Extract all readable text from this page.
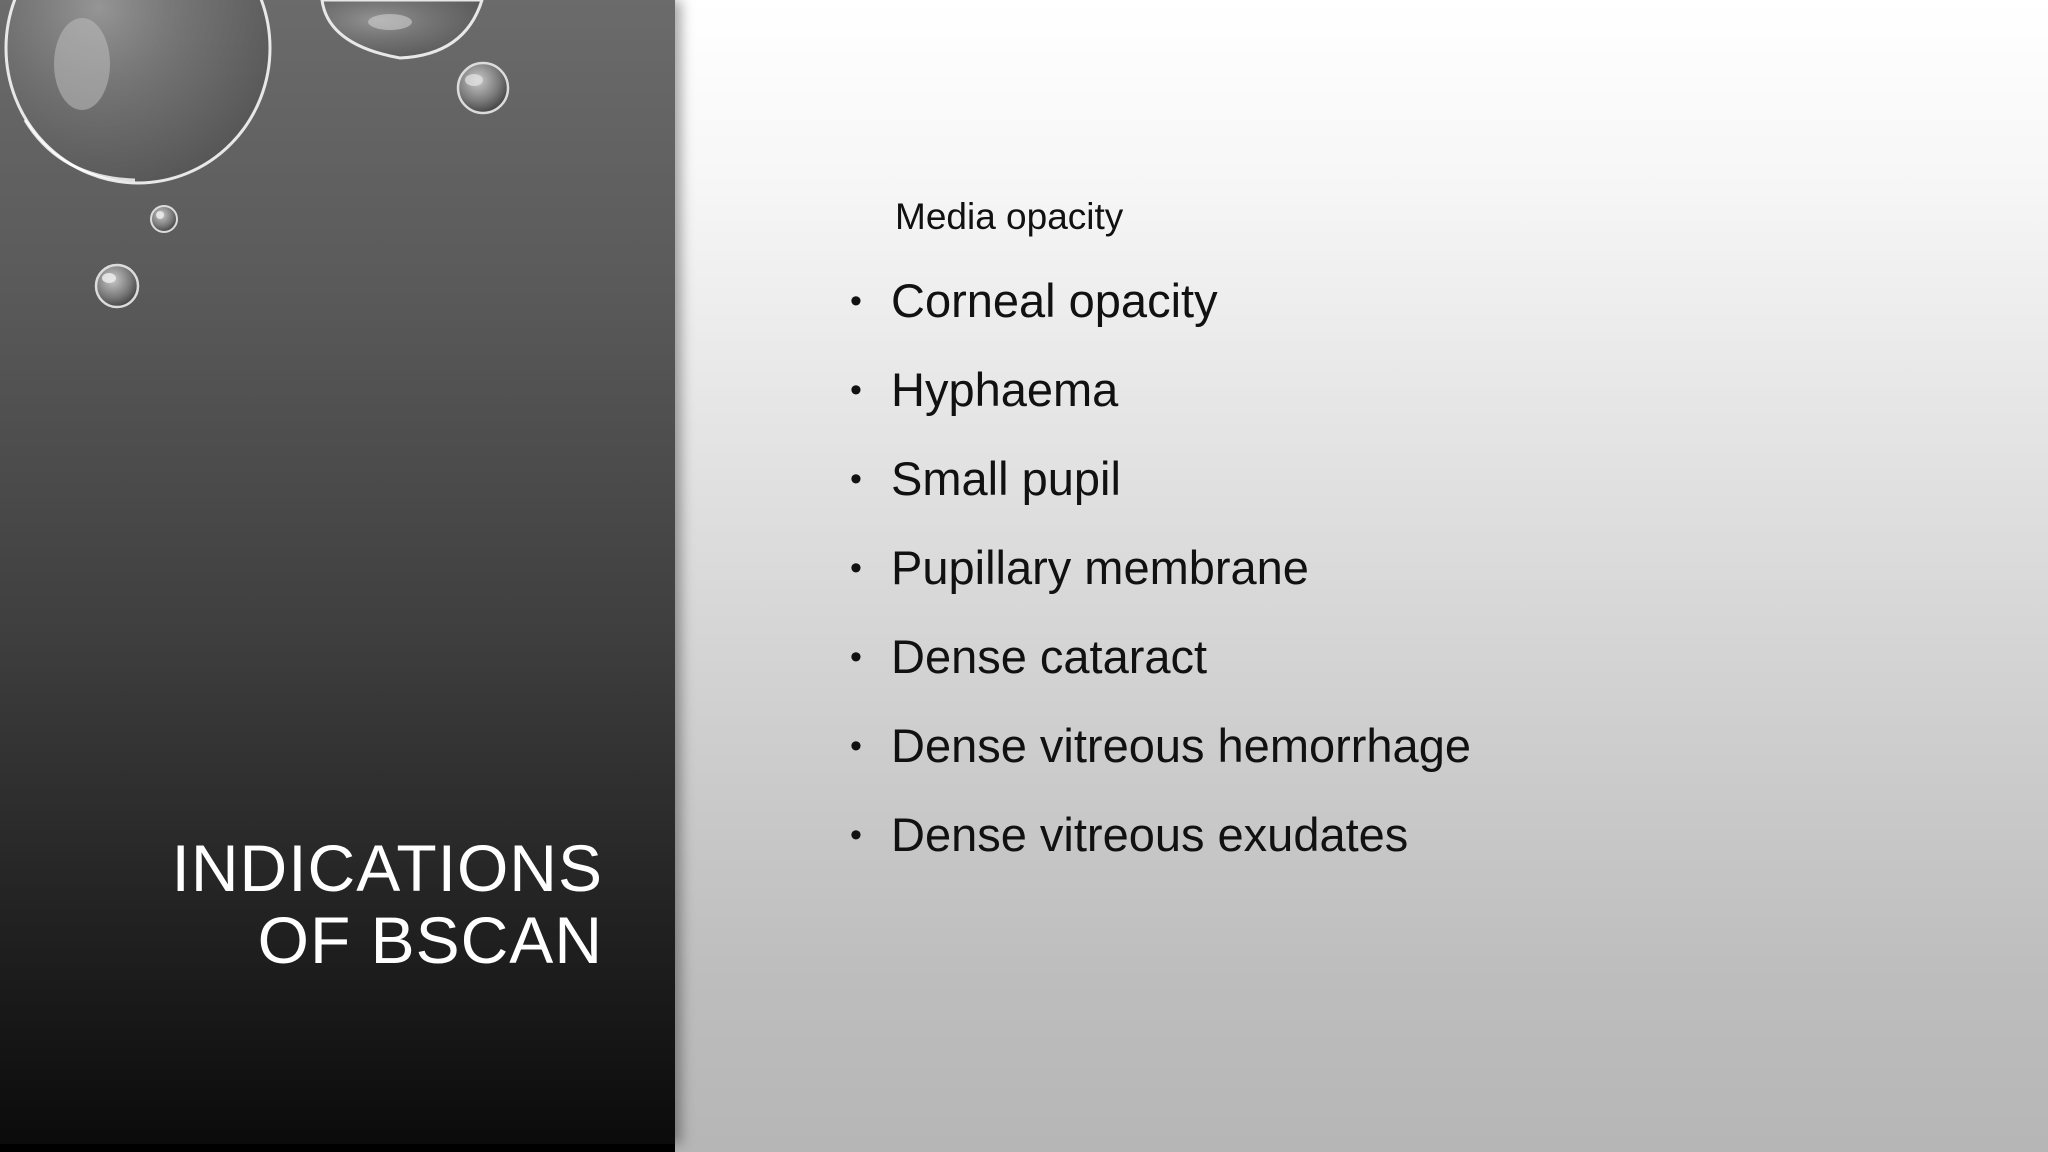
INDICATIONS
OF BSCAN
Media opacity
• Corneal opacity
• Hyphaema
• Small pupil
• Pupillary membrane
• Dense cataract
• Dense vitreous hemorrhage
• Dense vitreous exudates
